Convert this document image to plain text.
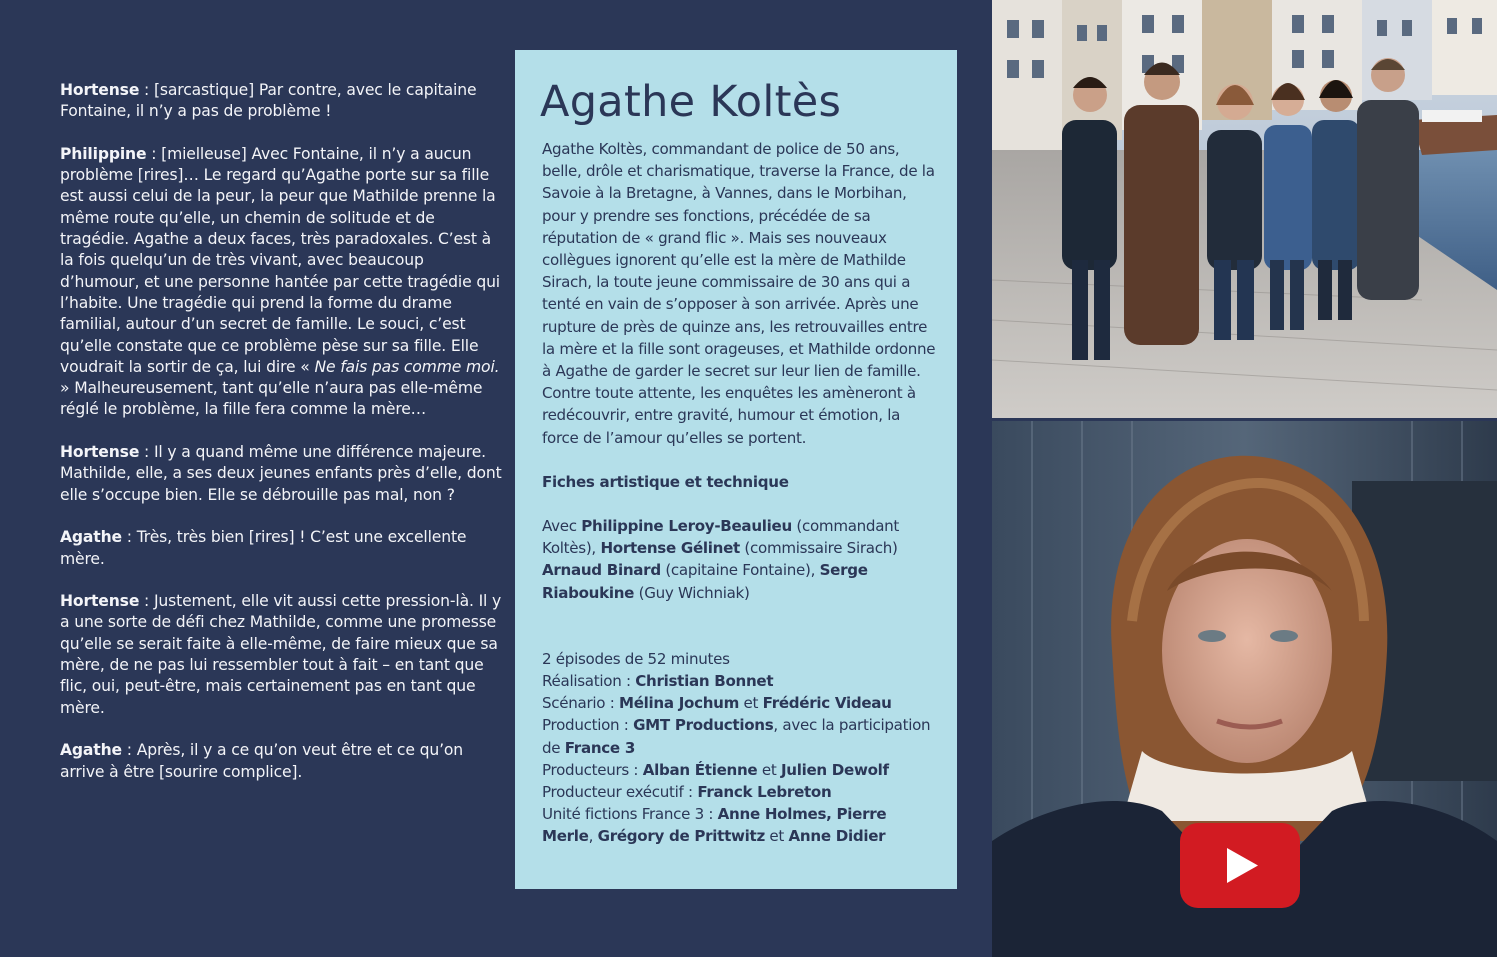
Hortense : [sarcastique] Par contre, avec le capitaine Fontaine, il n’y a pas de problème !

Philippine : [mielleuse] Avec Fontaine, il n’y a aucun problème [rires]… Le regard qu’Agathe porte sur sa fille est aussi celui de la peur, la peur que Mathilde prenne la même route qu’elle, un chemin de solitude et de tragédie. Agathe a deux faces, très paradoxales. C’est à la fois quelqu’un de très vivant, avec beaucoup d’humour, et une personne hantée par cette tragédie qui l’habite. Une tragédie qui prend la forme du drame familial, autour d’un secret de famille. Le souci, c’est qu’elle constate que ce problème pèse sur sa fille. Elle voudrait la sortir de ça, lui dire « Ne fais pas comme moi. » Malheureusement, tant qu’elle n’aura pas elle-même réglé le problème, la fille fera comme la mère…

Hortense : Il y a quand même une différence majeure. Mathilde, elle, a ses deux jeunes enfants près d’elle, dont elle s’occupe bien. Elle se débrouille pas mal, non ?

Agathe : Très, très bien [rires] ! C’est une excellente mère.

Hortense : Justement, elle vit aussi cette pression-là. Il y a une sorte de défi chez Mathilde, comme une promesse qu’elle se serait faite à elle-même, de faire mieux que sa mère, de ne pas lui ressembler tout à fait – en tant que flic, oui, peut-être, mais certainement pas en tant que mère.

Agathe : Après, il y a ce qu’on veut être et ce qu’on arrive à être [sourire complice].

Agathe Koltès

Agathe Koltès, commandant de police de 50 ans, belle, drôle et charismatique, traverse la France, de la Savoie à la Bretagne, à Vannes, dans le Morbihan, pour y prendre ses fonctions, précédée de sa réputation de « grand flic ». Mais ses nouveaux collègues ignorent qu’elle est la mère de Mathilde Sirach, la toute jeune commissaire de 30 ans qui a tenté en vain de s’opposer à son arrivée. Après une rupture de près de quinze ans, les retrouvailles entre la mère et la fille sont orageuses, et Mathilde ordonne à Agathe de garder le secret sur leur lien de famille. Contre toute attente, les enquêtes les amèneront à redécouvrir, entre gravité, humour et émotion, la force de l’amour qu’elles se portent.

Fiches artistique et technique

Avec Philippine Leroy-Beaulieu (commandant Koltès), Hortense Gélinet (commissaire Sirach) Arnaud Binard (capitaine Fontaine), Serge Riaboukine (Guy Wichniak)

2 épisodes de 52 minutes

Réalisation : Christian Bonnet

Scénario : Mélina Jochum et Frédéric Videau

Production : GMT Productions, avec la participation de France 3

Producteurs : Alban Étienne et Julien Dewolf

Producteur exécutif : Franck Lebreton

Unité fictions France 3 : Anne Holmes, Pierre Merle, Grégory de Prittwitz et Anne Didier
